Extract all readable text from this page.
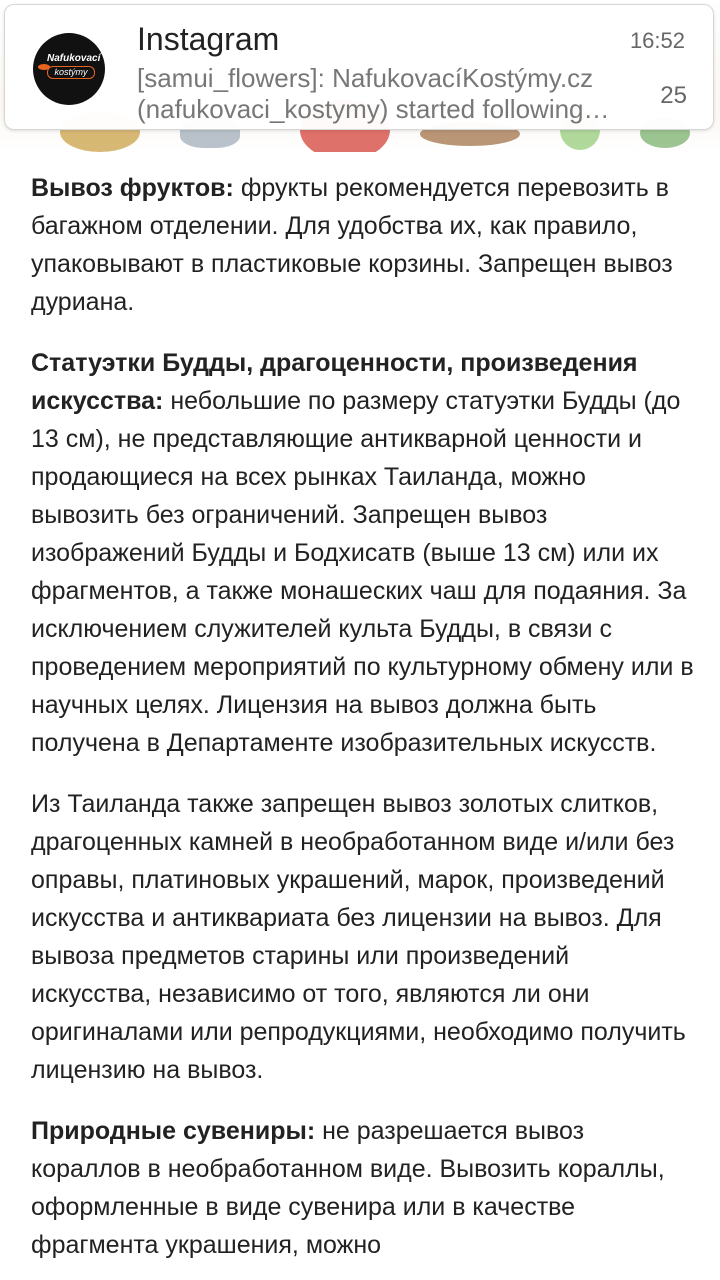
Nafukovací
kostýmy
Instagram	16:52
[samui_flowers]: NafukovacíKostýmy.cz
(nafukovaci_kostymy) started following…	25

Вывоз фруктов: фрукты рекомендуется перевозить в багажном отделении. Для удобства их, как правило, упаковывают в пластиковые корзины. Запрещен вывоз дуриана.

Статуэтки Будды, драгоценности, произведения искусства: небольшие по размеру статуэтки Будды (до 13 см), не представляющие антикварной ценности и продающиеся на всех рынках Таиланда, можно вывозить без ограничений. Запрещен вывоз изображений Будды и Бодхисатв (выше 13 см) или их фрагментов, а также монашеских чаш для подаяния. За исключением служителей культа Будды, в связи с проведением мероприятий по культурному обмену или в научных целях. Лицензия на вывоз должна быть получена в Департаменте изобразительных искусств.

Из Таиланда также запрещен вывоз золотых слитков, драгоценных камней в необработанном виде и/или без оправы, платиновых украшений, марок, произведений искусства и антиквариата без лицензии на вывоз. Для вывоза предметов старины или произведений искусства, независимо от того, являются ли они оригиналами или репродукциями, необходимо получить лицензию на вывоз.

Природные сувениры: не разрешается вывоз кораллов в необработанном виде. Вывозить кораллы, оформленные в виде сувенира или в качестве фрагмента украшения, можно
